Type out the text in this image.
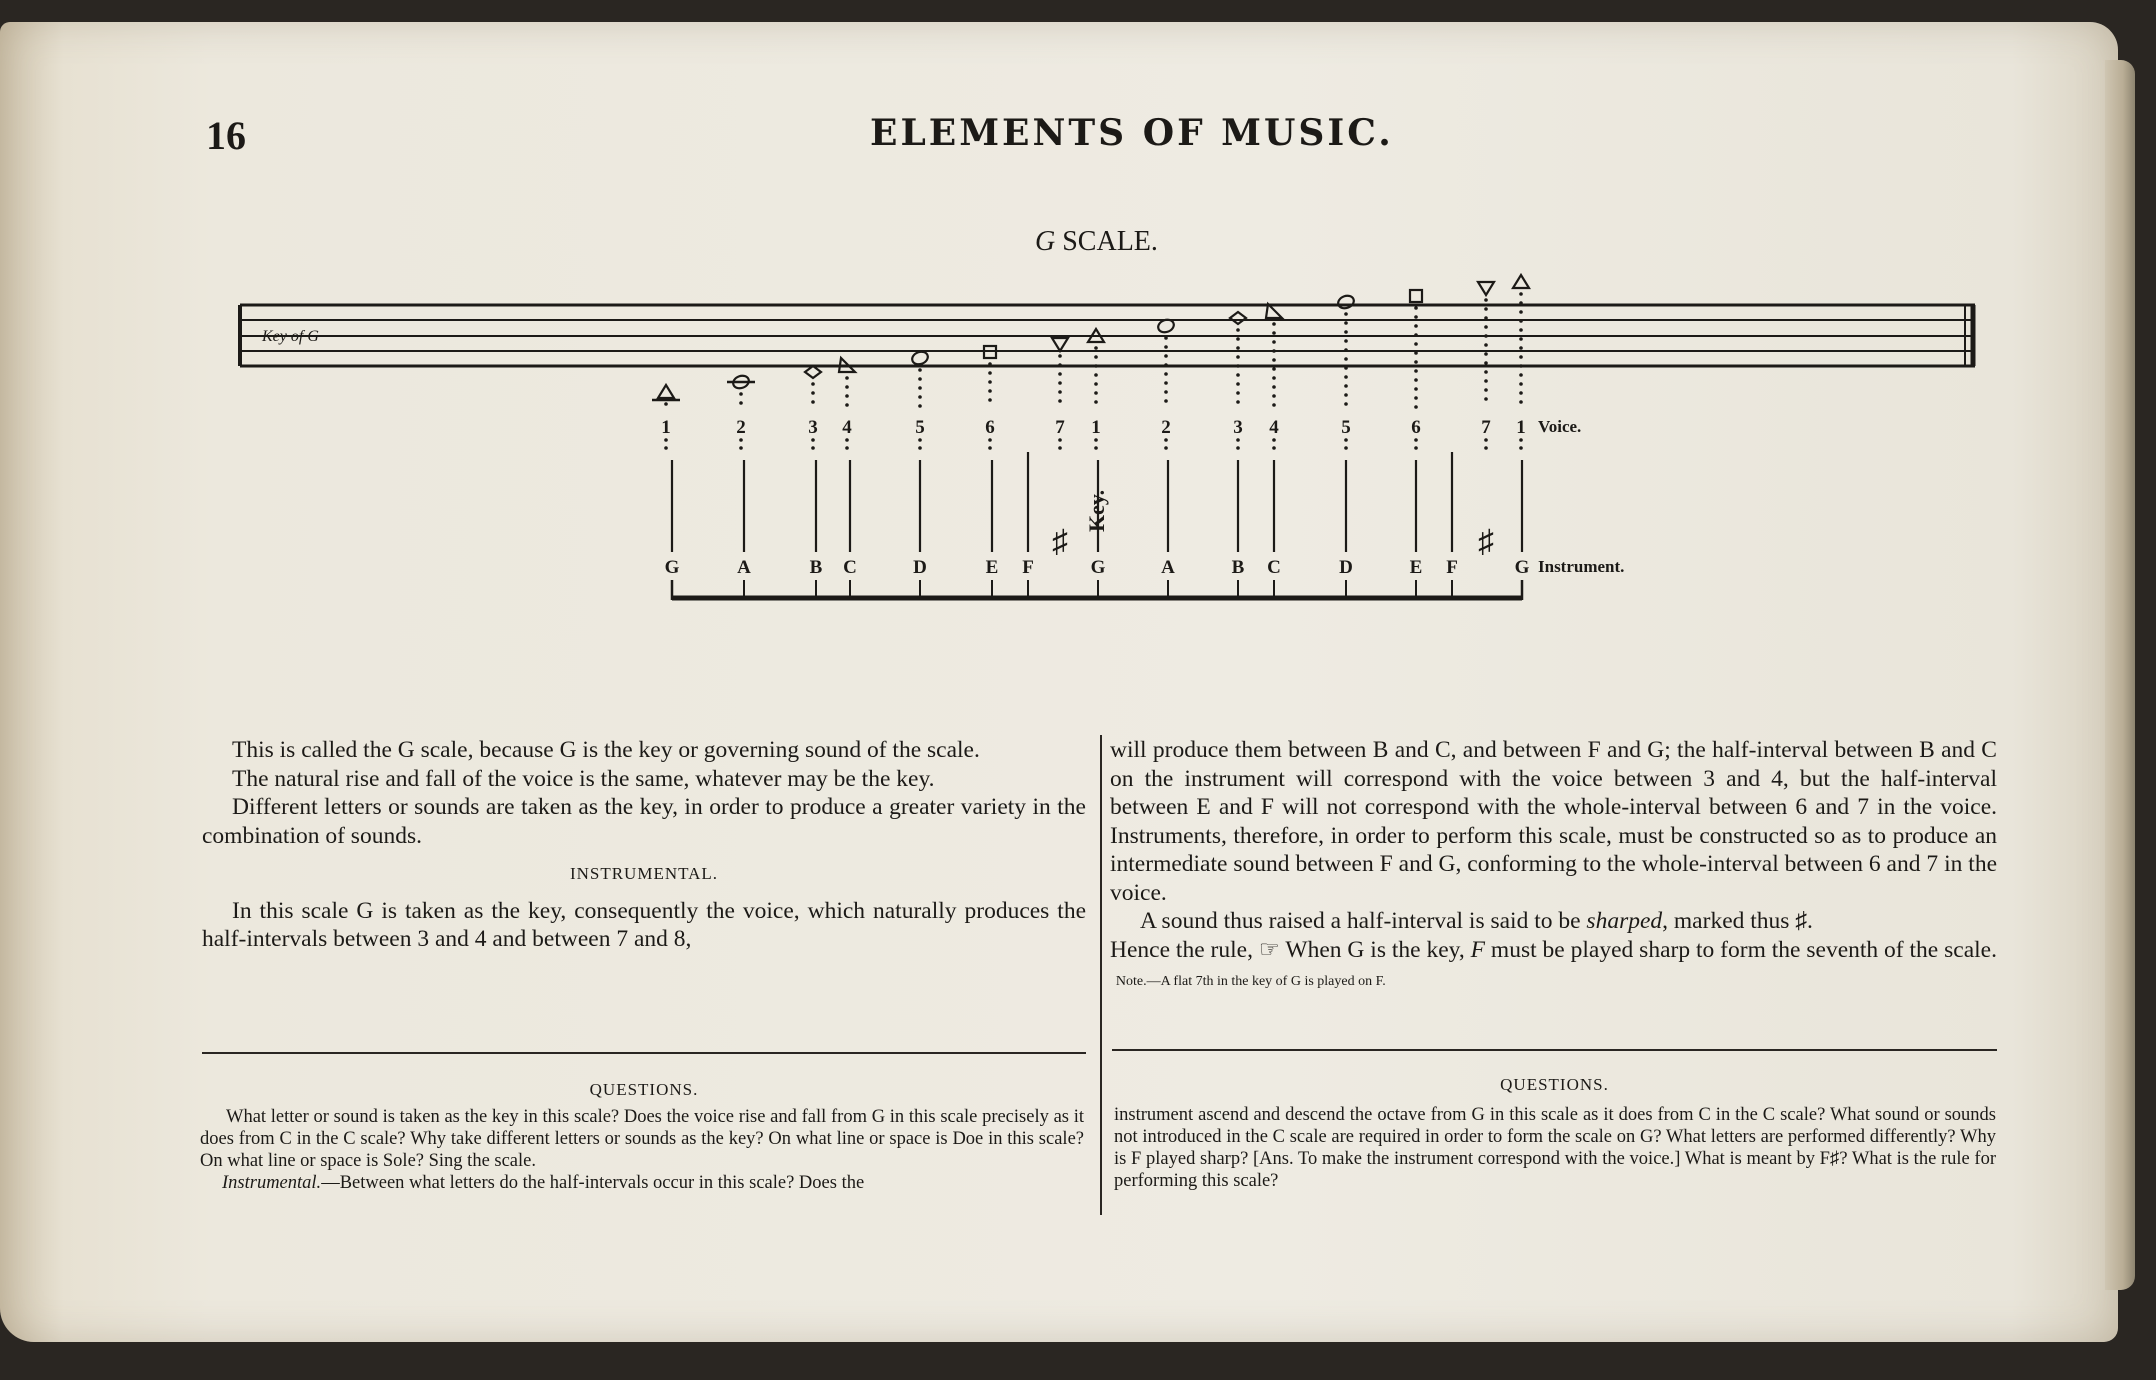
16	ELEMENTS OF MUSIC.
G SCALE.
Key of G
1	2	3 4	5	6	7 1	2	3 4	5	6	7 1 Voice.
G	A	B C	D	E F	G	A	B C	D	E F	G Instrument.
Key.
♯	♯

This is called the G scale, because G is the key or governing sound of the scale.

The natural rise and fall of the voice is the same, whatever may be the key.

Different letters or sounds are taken as the key, in order to produce a greater variety in the combination of sounds.

INSTRUMENTAL.

In this scale G is taken as the key, consequently the voice, which naturally produces the half-intervals between 3 and 4 and between 7 and 8,

will produce them between B and C, and between F and G; the half-interval between B and C on the instrument will correspond with the voice between 3 and 4, but the half-interval between E and F will not correspond with the whole-interval between 6 and 7 in the voice. Instruments, therefore, in order to perform this scale, must be constructed so as to produce an intermediate sound between F and G, conforming to the whole-interval between 6 and 7 in the voice.

A sound thus raised a half-interval is said to be sharped, marked thus ♯.

Hence the rule, ☞ When G is the key, F must be played sharp to form the seventh of the scale.  Note.—A flat 7th in the key of G is played on F.

QUESTIONS.
What letter or sound is taken as the key in this scale? Does the voice rise and fall from G in this scale precisely as it does from C in the C scale? Why take different letters or sounds as the key? On what line or space is Doe in this scale? On what line or space is Sole? Sing the scale.
Instrumental.—Between what letters do the half-intervals occur in this scale? Does the
QUESTIONS.
instrument ascend and descend the octave from G in this scale as it does from C in the C scale? What sound or sounds not introduced in the C scale are required in order to form the scale on G? What letters are performed differently? Why is F played sharp? [Ans. To make the instrument correspond with the voice.] What is meant by F♯? What is the rule for performing this scale?
